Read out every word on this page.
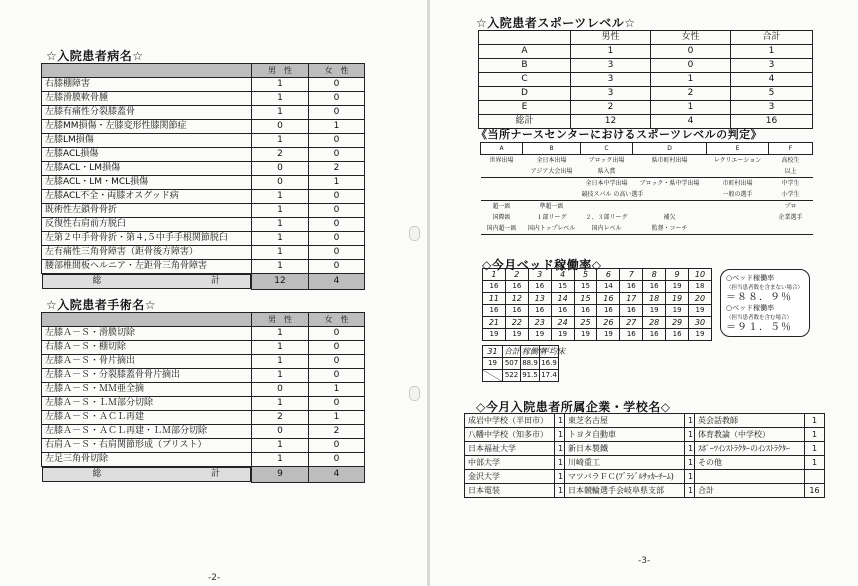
☆入院患者病名☆
	男　性	女　性
右膝棚障害	1	0
左膝滑膜軟骨腫	1	0
左膝有痛性分裂膝蓋骨	1	0
左膝MM損傷・左膝変形性膝関節症	0	1
左膝LM損傷	1	0
左膝ACL損傷	2	0
左膝ACL・LM損傷	0	2
左膝ACL・LM・MCL損傷	0	1
左膝ACL不全・両膝オスグッド病	1	0
既術性左鎖骨骨折	1	0
反復性右肩前方脱臼	1	0
左第２中手骨骨折・第４,５中手手根関節脱臼	1	0
左有痛性三角骨障害（距骨後方障害）	1	0
腰部椎間板ヘルニア・左距骨三角骨障害	1	0

総	計	12	4
☆入院患者手術名☆
	男　性	女　性
左膝Ａ－Ｓ・滑膜切除	1	0
右膝Ａ－Ｓ・棚切除	1	0
左膝Ａ－Ｓ・骨片摘出	1	0
左膝Ａ－Ｓ・分裂膝蓋骨骨片摘出	1	0
左膝Ａ－Ｓ・ＭＭ亜全摘	0	1
左膝Ａ－Ｓ・ＬＭ部分切除	1	0
左膝Ａ－Ｓ・ＡＣＬ再建	2	1
左膝Ａ－Ｓ・ＡＣＬ再建・ＬＭ部分切除	0	2
右肩Ａ－Ｓ・右肩関節形成（ブリスト）	1	0
左足三角骨切除	1	0

総	計	9	4
-2-
☆入院患者スポーツレベル☆
	男性	女性	合計
A	1	0	1
B	3	0	3
C	3	1	4
D	3	2	5
E	2	1	3
総計	12	4	16
《当所ナースセンターにおけるスポーツレベルの判定》
A	B	C	D	E	F
世界出場	全日本出場	ブロック出場	県市町村出場	レクリエーション	高校生
	アジア大会出場	県入賞			以上
		全日本中学出場	ブロック・県中学出場	市町村出場	中学生
		競技スパル の高い選手		一般の選手	小学生
超一級	準超一級				プロ
国際級	１部リーグ	２、３部リーグ	補欠		企業選手
国内超一級	国内トップレベル	国内レベル	監督・コーチ		
◇今月ベッド稼働率◇
1	2	3	4	5	6	7	8	9	10
16	16	16	15	15	14	16	16	19	18
11	12	13	14	15	16	17	18	19	20
16	16	16	16	16	16	16	19	19	19
21	22	23	24	25	26	27	28	29	30
19	19	19	19	19	19	16	16	16	19
31	合計	稼働率	平均床
19	507	88.9	16.9
	522	91.5	17.4
○ベッド稼働率
（担当患者数を含まない場合）
＝８８．９％
○ベッド稼働率
（担当患者数を含む場合）
＝９１．５％
◇今月入院患者所属企業・学校名◇
成岩中学校（半田市）	1	東芝名古屋	1	英会話教師	1
八幡中学校（知多市）	1	トヨタ自動車	1	体育教論（中学校）	1
日本福祉大学	1	新日本製鐵	1	ｽﾎﾟｰﾂｲﾝｽﾄﾗｸﾀｰのｲﾝｽﾄﾗｸﾀｰ	1
中部大学	1	川崎重工	1	その他	1
金沢大学	1	マツバラＦＣ(ﾌﾞﾗｼﾞﾙｻｯｶｰﾁｰﾑ)	1		
日本電装	1	日本競輪選手会岐阜県支部	1	合計	16
-3-
